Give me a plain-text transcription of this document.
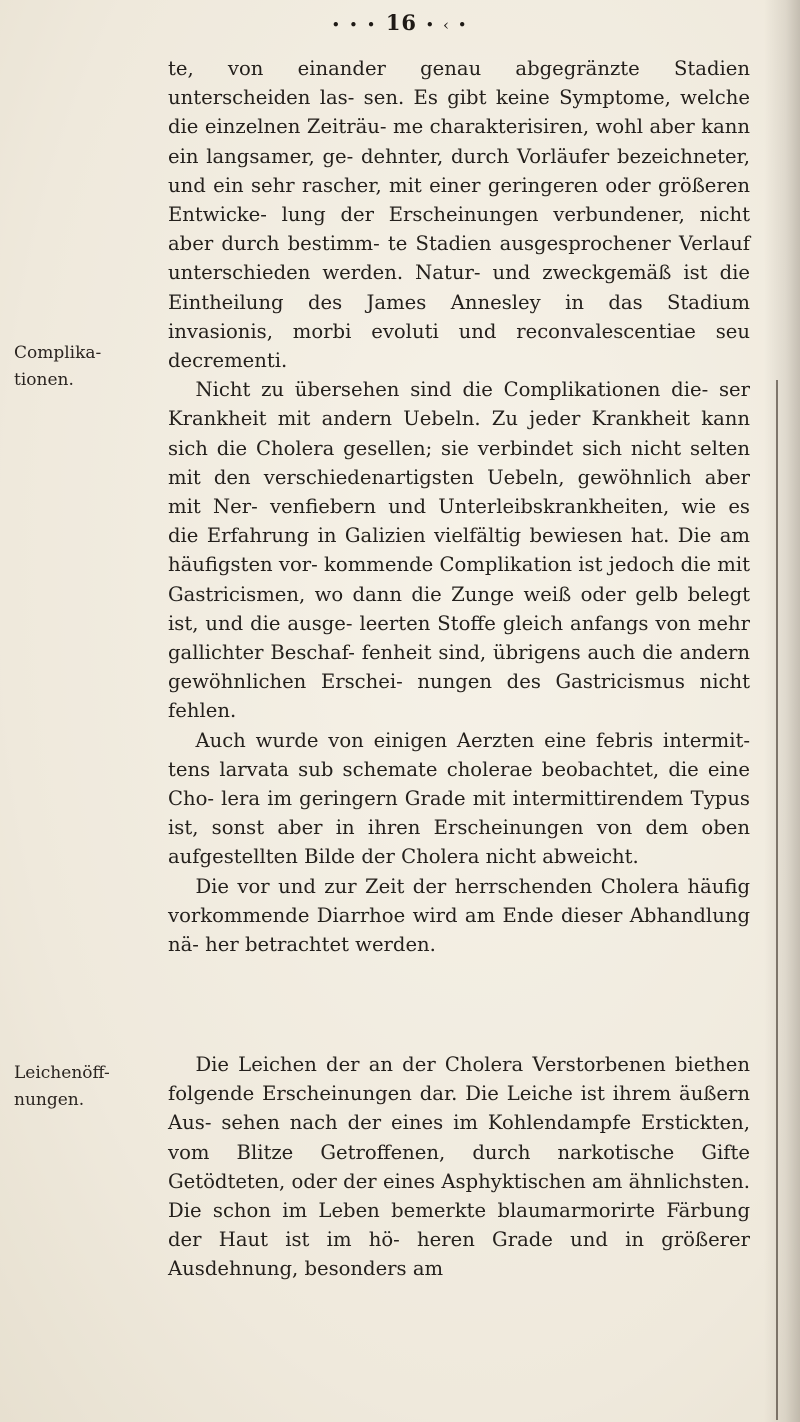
• • • 16 • ‹ •
Complika- tionen.
Leichenöff- nungen.

te, von einander genau abgegränzte Stadien unterscheiden las- sen. Es gibt keine Symptome, welche die einzelnen Zeiträu- me charakterisiren, wohl aber kann ein langsamer, ge- dehnter, durch Vorläufer bezeichneter, und ein sehr rascher, mit einer geringeren oder größeren Entwicke- lung der Erscheinungen verbundener, nicht aber durch bestimm- te Stadien ausgesprochener Verlauf unterschieden werden. Natur- und zweckgemäß ist die Eintheilung des James Annesley in das Stadium invasionis, morbi evoluti und reconvalescentiae seu decrementi.

Nicht zu übersehen sind die Complikationen die- ser Krankheit mit andern Uebeln. Zu jeder Krankheit kann sich die Cholera gesellen; sie verbindet sich nicht selten mit den verschiedenartigsten Uebeln, gewöhnlich aber mit Ner- venfiebern und Unterleibskrankheiten, wie es die Erfahrung in Galizien vielfältig bewiesen hat. Die am häufigsten vor- kommende Complikation ist jedoch die mit Gastricismen, wo dann die Zunge weiß oder gelb belegt ist, und die ausge- leerten Stoffe gleich anfangs von mehr gallichter Beschaf- fenheit sind, übrigens auch die andern gewöhnlichen Erschei- nungen des Gastricismus nicht fehlen.

Auch wurde von einigen Aerzten eine febris intermit- tens larvata sub schemate cholerae beobachtet, die eine Cho- lera im geringern Grade mit intermittirendem Typus ist, sonst aber in ihren Erscheinungen von dem oben aufgestellten Bilde der Cholera nicht abweicht.

Die vor und zur Zeit der herrschenden Cholera häufig vorkommende Diarrhoe wird am Ende dieser Abhandlung nä- her betrachtet werden.

Die Leichen der an der Cholera Verstorbenen biethen folgende Erscheinungen dar. Die Leiche ist ihrem äußern Aus- sehen nach der eines im Kohlendampfe Erstickten, vom Blitze Getroffenen, durch narkotische Gifte Getödteten, oder der eines Asphyktischen am ähnlichsten. Die schon im Leben bemerkte blaumarmorirte Färbung der Haut ist im hö- heren Grade und in größerer Ausdehnung, besonders am
